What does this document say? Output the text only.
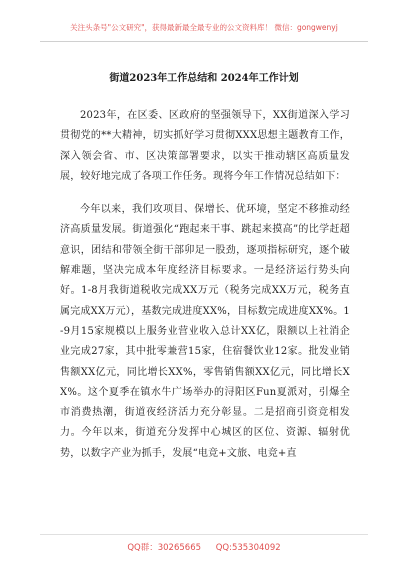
关注头条号"公文研究"，获得最新最全最专业的公文资料库！ 微信：gongwenyj
街道2023年工作总结和 2024年工作计划

2023年，在区委、区政府的坚强领导下，XX街道深入学习贯彻党的**大精神，切实抓好学习贯彻XXX思想主题教育工作，深入领会省、市、区决策部署要求，以实干推动辖区高质量发展，较好地完成了各项工作任务。现将今年工作情况总结如下：

今年以来，我们攻项目、保增长、优环境，坚定不移推动经济高质量发展。街道强化“跑起来干事、跳起来摸高”的比学赶超意识，团结和带领全街干部卯足一股劲，逐项指标研究，逐个破解难题，坚决完成本年度经济目标要求。一是经济运行势头向好。1-8月我街道税收完成XX万元（税务完成XX万元，税务直属完成XX万元），基数完成进度XX%，目标数完成进度XX%。1-9月15家规模以上服务业营业收入总计XX亿，限额以上社消企业完成27家，其中批零兼营15家，住宿餐饮业12家。批发业销售额XX亿元，同比增长XX%，零售销售额XX亿元，同比增长XX%。这个夏季在镇水牛广场举办的浔阳区Fun夏派对，引爆全市消费热潮，街道夜经济活力充分彰显。二是招商引资竞相发力。今年以来，街道充分发挥中心城区的区位、资源、辐射优势，以数字产业为抓手，发展“电竞+文旅、电竞+直

QQ群：30265665 QQ:535304092
